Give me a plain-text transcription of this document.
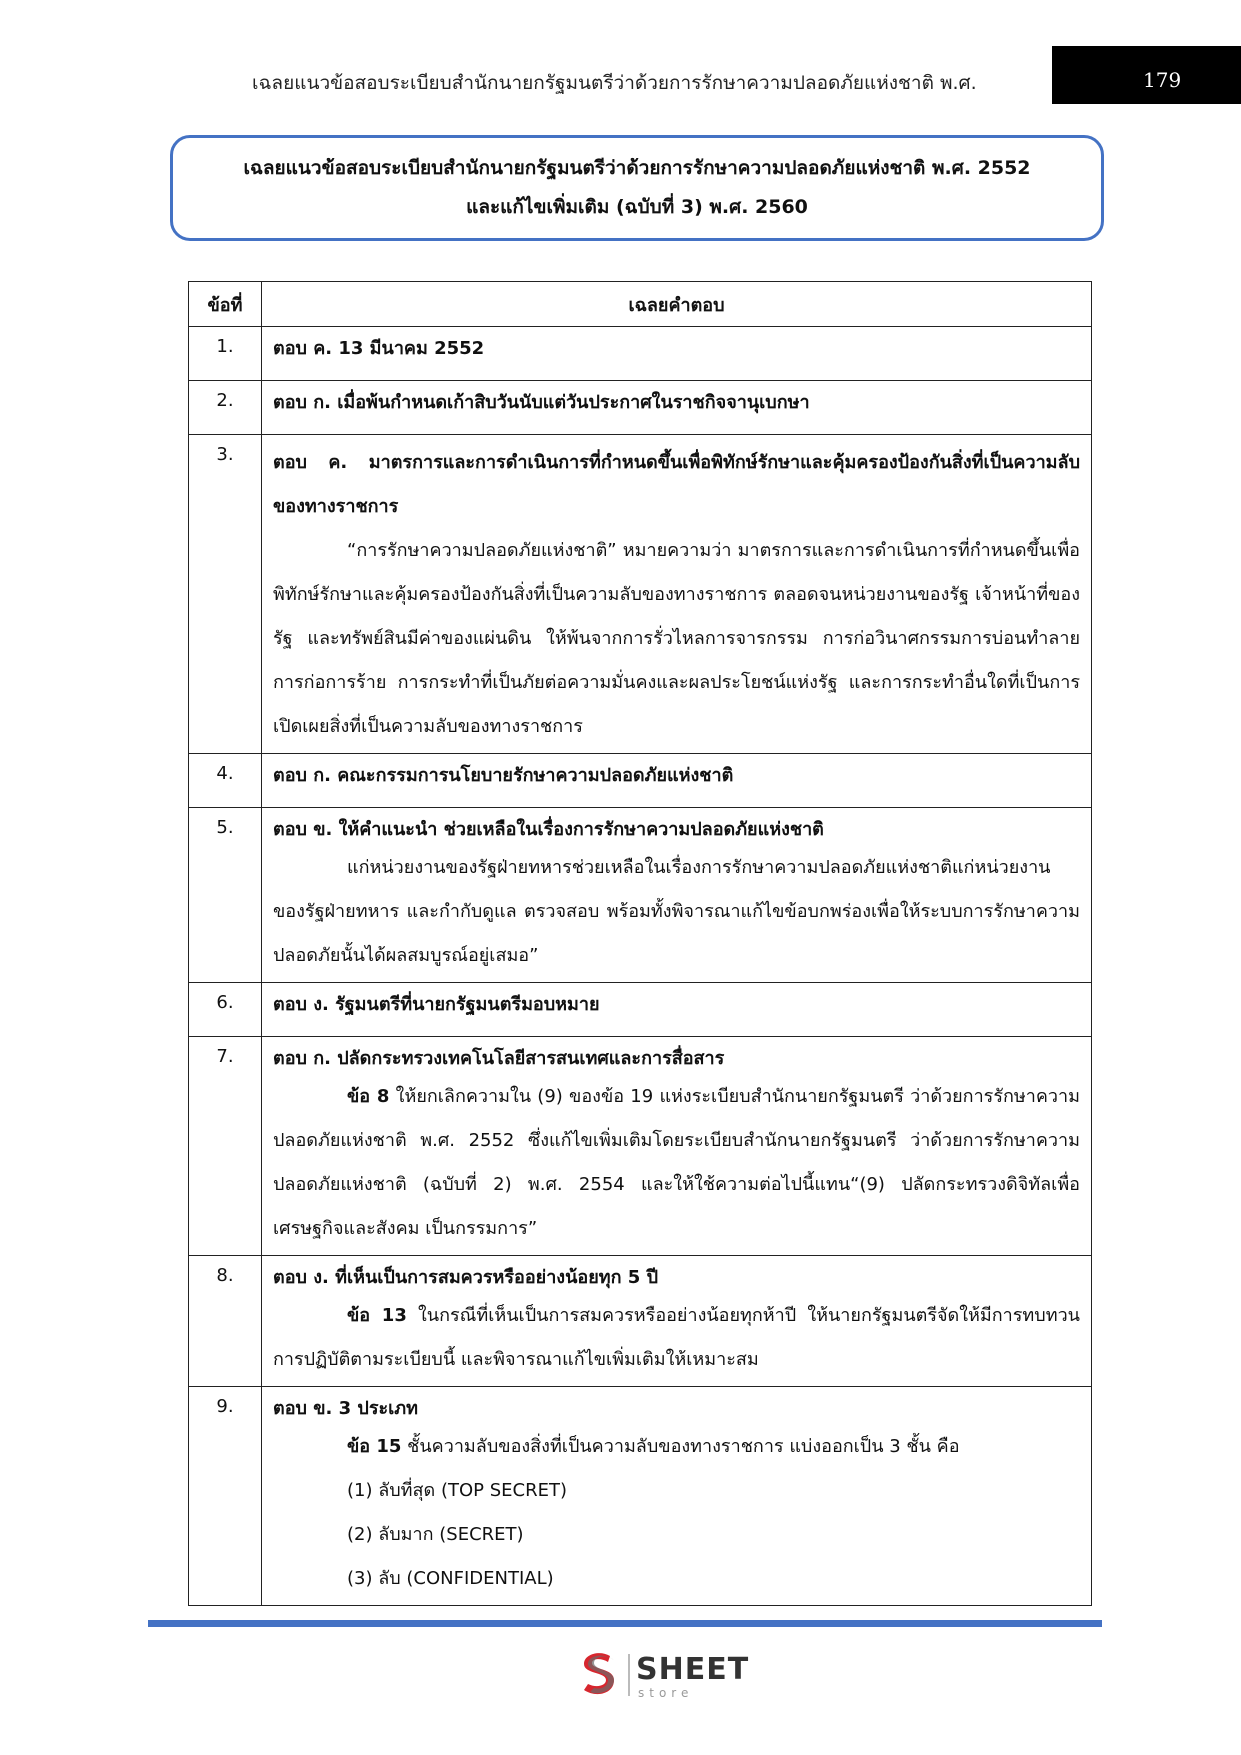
เฉลยแนวข้อสอบระเบียบสำนักนายกรัฐมนตรีว่าด้วยการรักษาความปลอดภัยแห่งชาติ พ.ศ.	179
เฉลยแนวข้อสอบระเบียบสำนักนายกรัฐมนตรีว่าด้วยการรักษาความปลอดภัยแห่งชาติ พ.ศ. 2552
และแก้ไขเพิ่มเติม (ฉบับที่ 3) พ.ศ. 2560
ข้อที่	เฉลยคำตอบ
1.	ตอบ ค. 13 มีนาคม 2552

2.	ตอบ ก. เมื่อพ้นกำหนดเก้าสิบวันนับแต่วันประกาศในราชกิจจานุเบกษา

3.	ตอบ ค. มาตรการและการดำเนินการที่กำหนดขึ้นเพื่อพิทักษ์รักษาและคุ้มครองป้องกันสิ่งที่เป็นความลับของทางราชการ
“การรักษาความปลอดภัยแห่งชาติ” หมายความว่า มาตรการและการดำเนินการที่กำหนดขึ้นเพื่อพิทักษ์รักษาและคุ้มครองป้องกันสิ่งที่เป็นความลับของทางราชการ ตลอดจนหน่วยงานของรัฐ เจ้าหน้าที่ของรัฐ และทรัพย์สินมีค่าของแผ่นดิน ให้พ้นจากการรั่วไหลการจารกรรม การก่อวินาศกรรมการบ่อนทำลาย การก่อการร้าย การกระทำที่เป็นภัยต่อความมั่นคงและผลประโยชน์แห่งรัฐ และการกระทำอื่นใดที่เป็นการเปิดเผยสิ่งที่เป็นความลับของทางราชการ

4.	ตอบ ก. คณะกรรมการนโยบายรักษาความปลอดภัยแห่งชาติ

5.	ตอบ ข. ให้คำแนะนำ ช่วยเหลือในเรื่องการรักษาความปลอดภัยแห่งชาติ
แก่หน่วยงานของรัฐฝ่ายทหารช่วยเหลือในเรื่องการรักษาความปลอดภัยแห่งชาติแก่หน่วยงานของรัฐฝ่ายทหาร และกำกับดูแล ตรวจสอบ พร้อมทั้งพิจารณาแก้ไขข้อบกพร่องเพื่อให้ระบบการรักษาความปลอดภัยนั้นได้ผลสมบูรณ์อยู่เสมอ”

6.	ตอบ ง. รัฐมนตรีที่นายกรัฐมนตรีมอบหมาย

7.	ตอบ ก. ปลัดกระทรวงเทคโนโลยีสารสนเทศและการสื่อสาร
ข้อ 8 ให้ยกเลิกความใน (9) ของข้อ 19 แห่งระเบียบสำนักนายกรัฐมนตรี ว่าด้วยการรักษาความปลอดภัยแห่งชาติ พ.ศ. 2552 ซึ่งแก้ไขเพิ่มเติมโดยระเบียบสำนักนายกรัฐมนตรี ว่าด้วยการรักษาความปลอดภัยแห่งชาติ (ฉบับที่ 2) พ.ศ. 2554 และให้ใช้ความต่อไปนี้แทน“(9) ปลัดกระทรวงดิจิทัลเพื่อเศรษฐกิจและสังคม เป็นกรรมการ”

8.	ตอบ ง. ที่เห็นเป็นการสมควรหรืออย่างน้อยทุก 5 ปี
ข้อ 13 ในกรณีที่เห็นเป็นการสมควรหรืออย่างน้อยทุกห้าปี ให้นายกรัฐมนตรีจัดให้มีการทบทวนการปฏิบัติตามระเบียบนี้ และพิจารณาแก้ไขเพิ่มเติมให้เหมาะสม

9.	ตอบ ข. 3 ประเภท
ข้อ 15 ชั้นความลับของสิ่งที่เป็นความลับของทางราชการ แบ่งออกเป็น 3 ชั้น คือ
(1) ลับที่สุด (TOP SECRET)
(2) ลับมาก (SECRET)
(3) ลับ (CONFIDENTIAL)
SHEET
store
